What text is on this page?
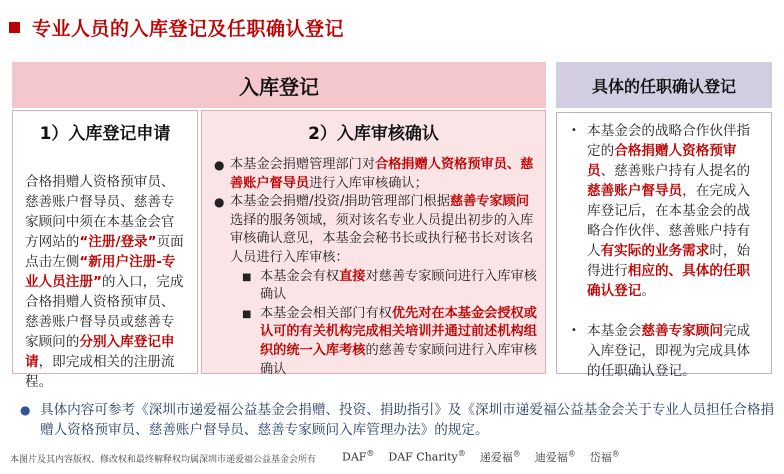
专业人员的入库登记及任职确认登记
入库登记	具体的任职确认登记
1）入库登记申请
合格捐赠人资格预审员、慈善账户督导员、慈善专家顾问中须在本基金会官方网站的“注册/登录”页面点击左侧“新用户注册-专业人员注册”的入口，完成合格捐赠人资格预审员、慈善账户督导员或慈善专家顾问的分别入库登记申请，即完成相关的注册流程。
2）入库审核确认
● 本基金会捐赠管理部门对合格捐赠人资格预审员、慈善账户督导员进行入库审核确认；
● 本基金会捐赠/投资/捐助管理部门根据慈善专家顾问选择的服务领域，须对该名专业人员提出初步的入库审核确认意见，本基金会秘书长或执行秘书长对该名人员进行入库审核：
■ 本基金会有权直接对慈善专家顾问进行入库审核确认
■ 本基金会相关部门有权优先对在本基金会授权或认可的有关机构完成相关培训并通过前述机构组织的统一入库考核的慈善专家顾问进行入库审核确认
• 本基金会的战略合作伙伴指定的合格捐赠人资格预审员、慈善账户持有人提名的慈善账户督导员，在完成入库登记后，在本基金会的战略合作伙伴、慈善账户持有人有实际的业务需求时，始得进行相应的、具体的任职确认登记。
• 本基金会慈善专家顾问完成入库登记，即视为完成具体的任职确认登记。
● 具体内容可参考《深圳市递爱福公益基金会捐赠、投资、捐助指引》及《深圳市递爱福公益基金会关于专业人员担任合格捐赠人资格预审员、慈善账户督导员、慈善专家顾问入库管理办法》的规定。
本图片及其内容版权、修改权和最终解释权均属深圳市递爱福公益基金会所有 DAF® DAF Charity® 递爱福® 迪爱福® 岱福®
